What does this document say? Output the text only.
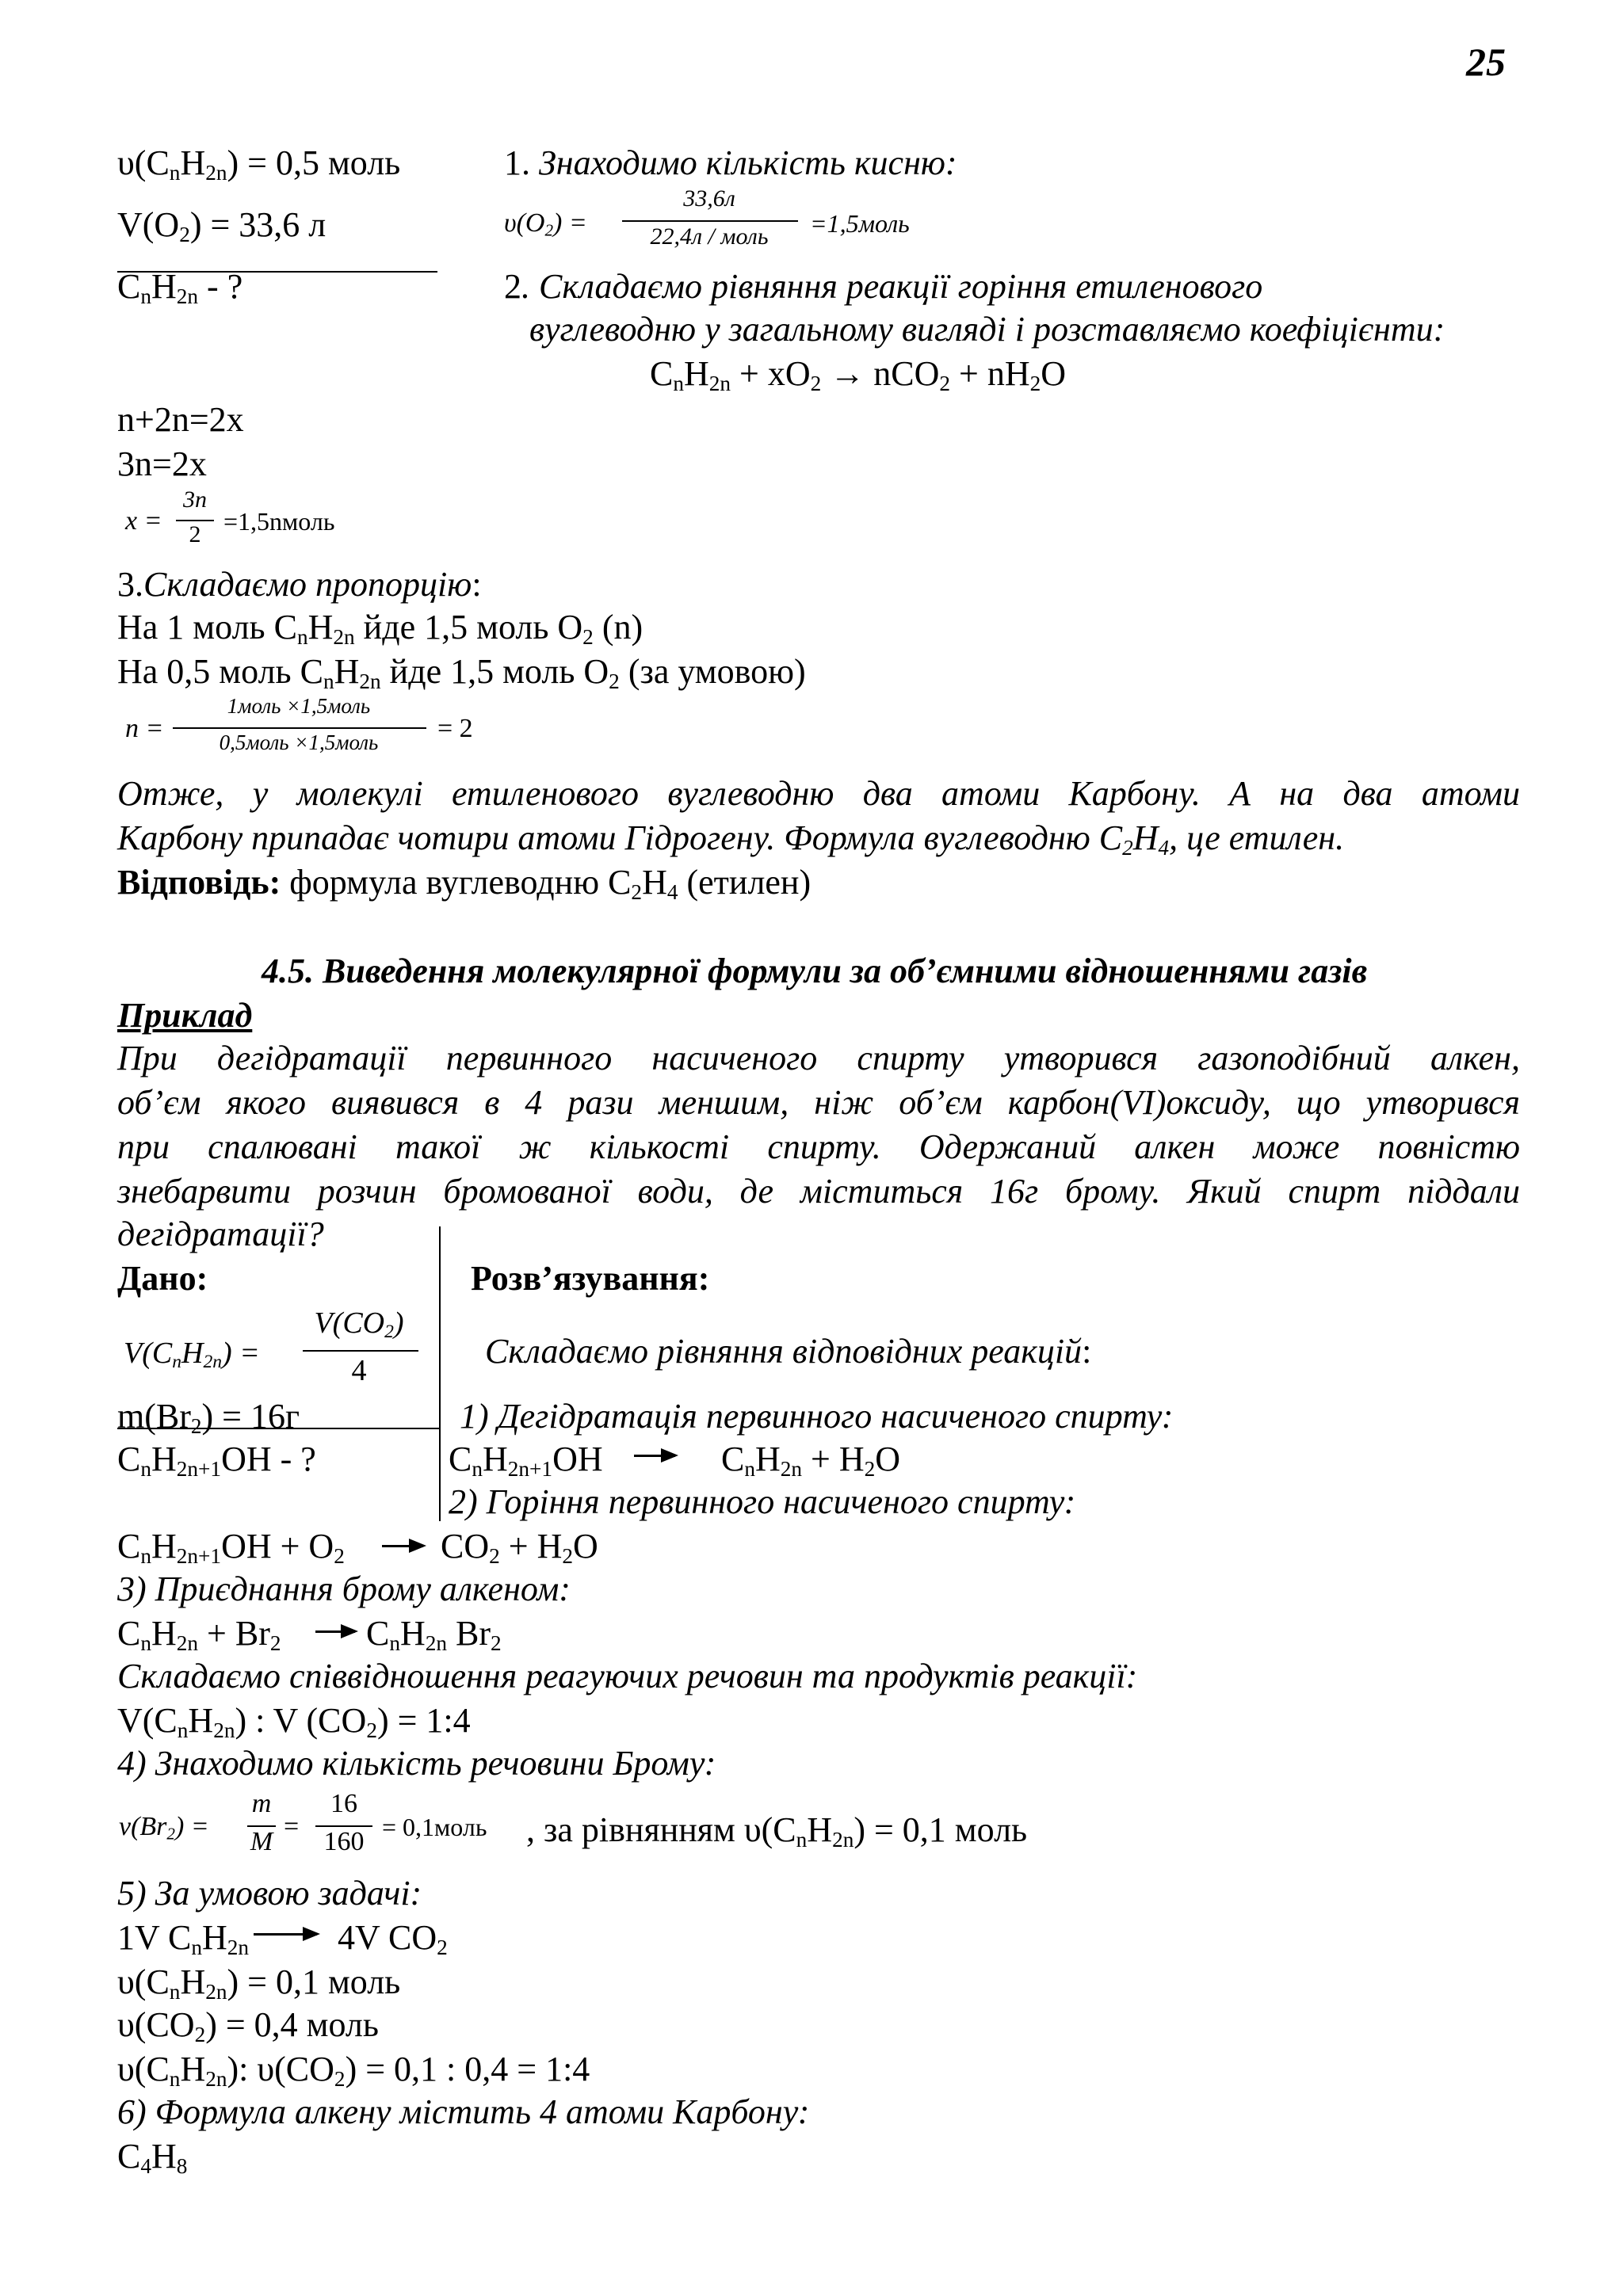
25
$\upsilon(C_nH_{2n}) = 0,5$ моль
$V(O_2) = 33,6$ л
$C_nH_{2n}$ - ?
1. Знаходимо кількість кисню:
$\upsilon(O_2)$ =
33,6л
22,4л / моль	=1,5моль
2. Складаємо рівняння реакції горіння етиленового
вуглеводню у загальному вигляді і розставляємо коефіцієнти:
$C_nH_{2n} + xO_2 \to nCO_2 + nH_2O$
n+2n=2x
3n=2x
x =
3n
2 =1,5nмоль
3.Складаємо пропорцію:
На 1 моль $C_nH_{2n}$ йде 1,5 моль $O_2$ (n)
На 0,5 моль $C_nH_{2n}$ йде 1,5 моль $O_2$ (за умовою)
n =
1моль ×1,5моль
0,5моль ×1,5моль	= 2
Отже, у молекулі етиленового вуглеводню два атоми Карбону. А на два атоми
Карбону припадає чотири атоми Гідрогену. Формула вуглеводню $C_2H_4$, це етилен.
Відповідь: формула вуглеводню $C_2H_4$ (етилен)
4.5. Виведення молекулярної формули за об’ємними відношеннями газів
Приклад
При дегідратації первинного насиченого спирту утворився газоподібний алкен,
об’єм якого виявився в 4 рази меншим, ніж об’єм карбон(VI)оксиду, що утворився
при спалювані такої ж кількості спирту. Одержаний алкен може повністю
знебарвити розчин бромованої води, де міститься 16г брому. Який спирт піддали
дегідратації?
Дано:	Розв’язування:
$V(C_nH_{2n})$ =
$V(CO_2)$
4	Складаємо рівняння відповідних реакцій:
$m(Br_2) = 16г$	1) Дегідратація первинного насиченого спирту:
$C_nH_{2n+1}OH$ - ?	$C_nH_{2n+1}OH$	$C_nH_{2n} + H_2O$
2) Горіння первинного насиченого спирту:
$C_nH_{2n+1}OH + O_2$	$CO_2 + H_2O$
3) Приєднання брому алкеном:
$C_nH_{2n} + Br_2$ $C_nH_{2n}$ $Br_2$
Складаємо співвідношення реагуючих речовин та продуктів реакції:
$V(C_nH_{2n})$ : V $(CO_2)$ = 1:4
4) Знаходимо кількість речовини Брому:
$\nu(Br_2)$ =
m
M
=
16
160 = 0,1моль , за рівнянням $\upsilon(C_nH_{2n}) = 0,1$ моль
5) За умовою задачі:
1V $C_nH_{2n}$	4V $CO_2$
$\upsilon(C_nH_{2n}) = 0,1$ моль
$\upsilon(CO_2) = 0,4$ моль
$\upsilon(C_nH_{2n})$: $\upsilon(CO_2) = 0,1$ : 0,4 = 1:4
6) Формула алкену містить 4 атоми Карбону:
$C_4H_8$
